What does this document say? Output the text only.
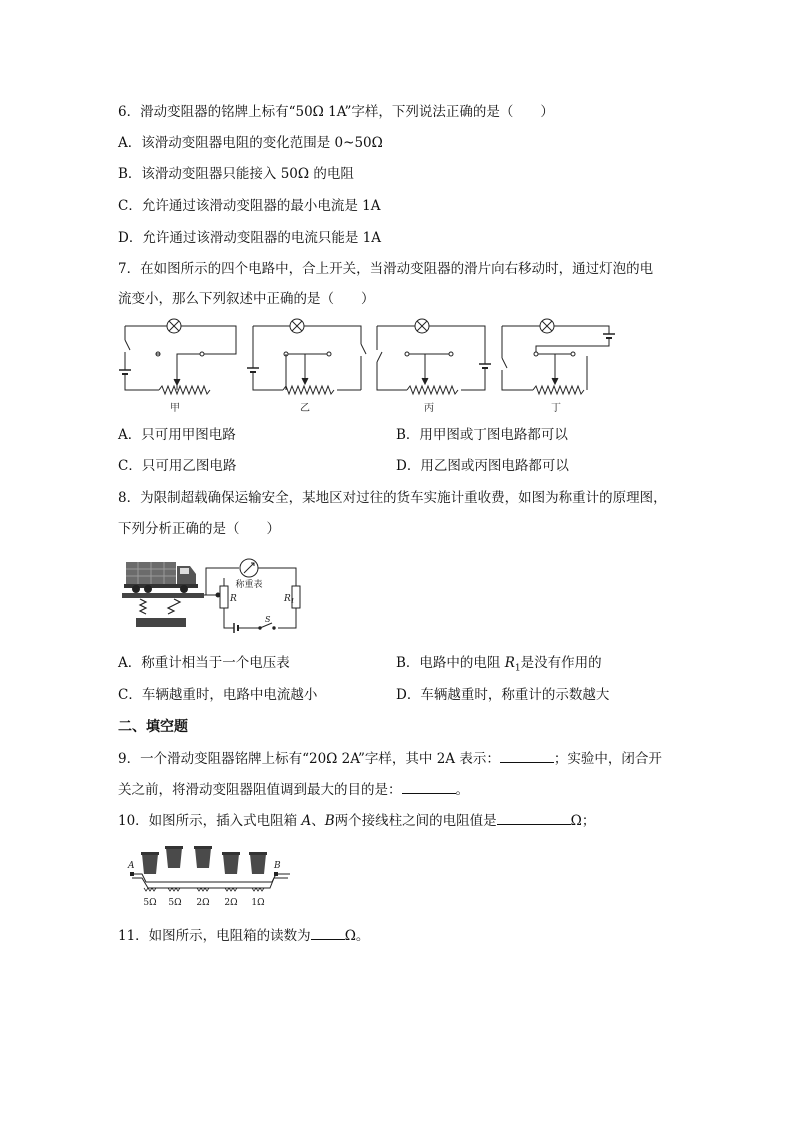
6．滑动变阻器的铭牌上标有“50Ω 1A”字样，下列说法正确的是（　　）
A．该滑动变阻器电阻的变化范围是 0~50Ω
B．该滑动变阻器只能接入 50Ω 的电阻
C．允许通过该滑动变阻器的最小电流是 1A
D．允许通过该滑动变阻器的电流只能是 1A
7．在如图所示的四个电路中，合上开关，当滑动变阻器的滑片向右移动时，通过灯泡的电
流变小，那么下列叙述中正确的是（　　）
甲	乙	丙	丁
A．只可用甲图电路	B．用甲图或丁图电路都可以
C．只可用乙图电路	D．用乙图或丙图电路都可以
8．为限制超载确保运输安全，某地区对过往的货车实施计重收费，如图为称重计的原理图，
下列分析正确的是（　　）
称重表
R	$R_1$
S
A．称重计相当于一个电压表	B．电路中的电阻 $R_1$是没有作用的
C．车辆越重时，电路中电流越小	D．车辆越重时，称重计的示数越大
二、填空题
9．一个滑动变阻器铭牌上标有“20Ω 2A”字样，其中 2A 表示：	；实验中，闭合开
关之前，将滑动变阻器阻值调到最大的目的是：	。
10．如图所示，插入式电阻箱 A、B两个接线柱之间的电阻值是	Ω；
A	B
5Ω 5Ω 2Ω 2Ω 1Ω
11．如图所示，电阻箱的读数为	Ω。
